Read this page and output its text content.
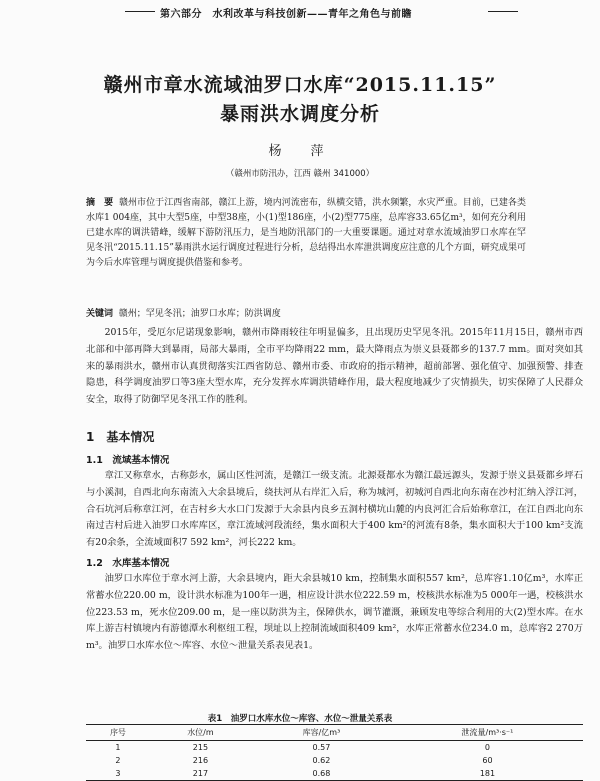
第六部分　水利改革与科技创新——青年之角色与前瞻
赣州市章水流域油罗口水库“2015.11.15”
暴雨洪水调度分析
杨　萍
（赣州市防汛办，江西 赣州 341000）
摘　要 赣州市位于江西省南部，赣江上游，境内河流密布，纵横交错，洪水频繁，水灾严重。目前，已建各类水库1 004座，其中大型5座，中型38座，小(1)型186座，小(2)型775座，总库容33.65亿m³，如何充分利用已建水库的调洪错峰，缓解下游防汛压力，是当地防汛部门的一大重要课题。通过对章水流域油罗口水库在罕见冬汛“2015.11.15”暴雨洪水运行调度过程进行分析，总结得出水库泄洪调度应注意的几个方面，研究成果可为今后水库管理与调度提供借鉴和参考。
关键词 赣州；罕见冬汛；油罗口水库；防洪调度
2015年，受厄尔尼诺现象影响，赣州市降雨较往年明显偏多，且出现历史罕见冬汛。2015年11月15日，赣州市西北部和中部再降大到暴雨，局部大暴雨，全市平均降雨22 mm，最大降雨点为崇义县聂都乡的137.7 mm。面对突如其来的暴雨洪水，赣州市认真贯彻落实江西省防总、赣州市委、市政府的指示精神，超前部署、强化值守、加强预警、排查隐患，科学调度油罗口等3座大型水库，充分发挥水库调洪错峰作用，最大程度地减少了灾情损失，切实保障了人民群众安全，取得了防御罕见冬汛工作的胜利。
1　基本情况
1.1　流域基本情况
章江又称章水，古称彭水，属山区性河流，是赣江一级支流。北源聂都水为赣江最远源头，发源于崇义县聂都乡坪石与小溪洞，自西北向东南流入大余县境后，绕扶河从右岸汇入后，称为城河，初城河自西北向东南在沙村汇纳入浮江河，合石坑河后称章江河，在吉村乡大水口门发源于大余县内良乡五洞村横坑山麓的内良河汇合后始称章江，在江自西北向东南过吉村后进入油罗口水库库区，章江流域河段流经，集水面积大于400 km²的河流有8条，集水面积大于100 km²支流有20余条，全流域面积7 592 km²，河长222 km。
1.2　水库基本情况
油罗口水库位于章水河上游，大余县境内，距大余县城10 km，控制集水面积557 km²，总库容1.10亿m³，水库正常蓄水位220.00 m，设计洪水标准为100年一遇，相应设计洪水位222.59 m，校核洪水标准为5 000年一遇，校核洪水位223.53 m，死水位209.00 m，是一座以防洪为主，保障供水，调节灌溉，兼顾发电等综合利用的大(2)型水库。在水库上游吉村镇境内有游德潭水利枢纽工程，坝址以上控制流域面积409 km²，水库正常蓄水位234.0 m，总库容2 270万m³。油罗口水库水位～库容、水位～泄量关系表见表1。
表1　油罗口水库水位～库容、水位～泄量关系表
序号	水位/m	库容/亿m³	泄流量/m³·s⁻¹
1	215	0.57	0
2	216	0.62	60
3	217	0.68	181
